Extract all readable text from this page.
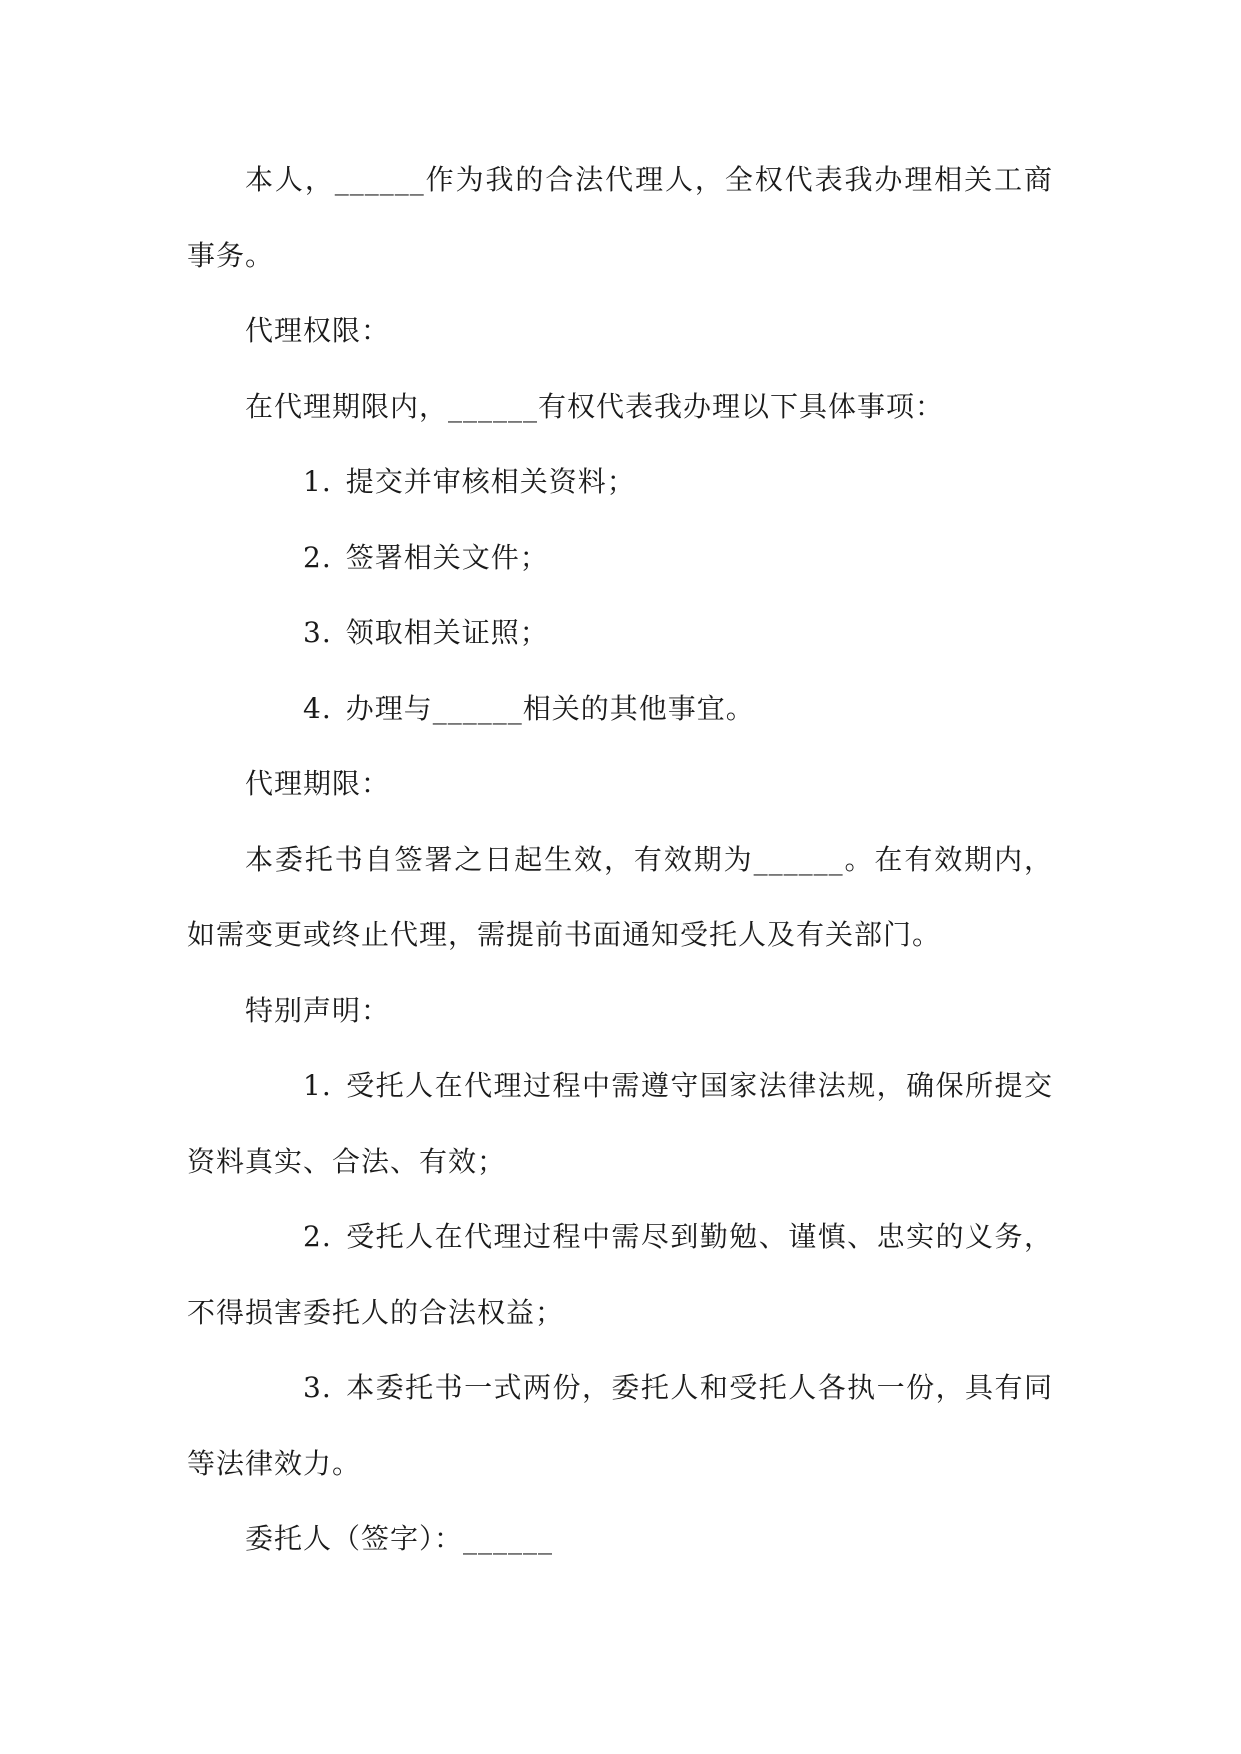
本人，______作为我的合法代理人，全权代表我办理相关工商事务。

代理权限：

在代理期限内，______有权代表我办理以下具体事项：

1. 提交并审核相关资料；

2. 签署相关文件；

3. 领取相关证照；

4. 办理与______相关的其他事宜。

代理期限：

本委托书自签署之日起生效，有效期为______。在有效期内，如需变更或终止代理，需提前书面通知受托人及有关部门。

特别声明：

1. 受托人在代理过程中需遵守国家法律法规，确保所提交资料真实、合法、有效；

2. 受托人在代理过程中需尽到勤勉、谨慎、忠实的义务，不得损害委托人的合法权益；

3. 本委托书一式两份，委托人和受托人各执一份，具有同等法律效力。

委托人（签字）：______
